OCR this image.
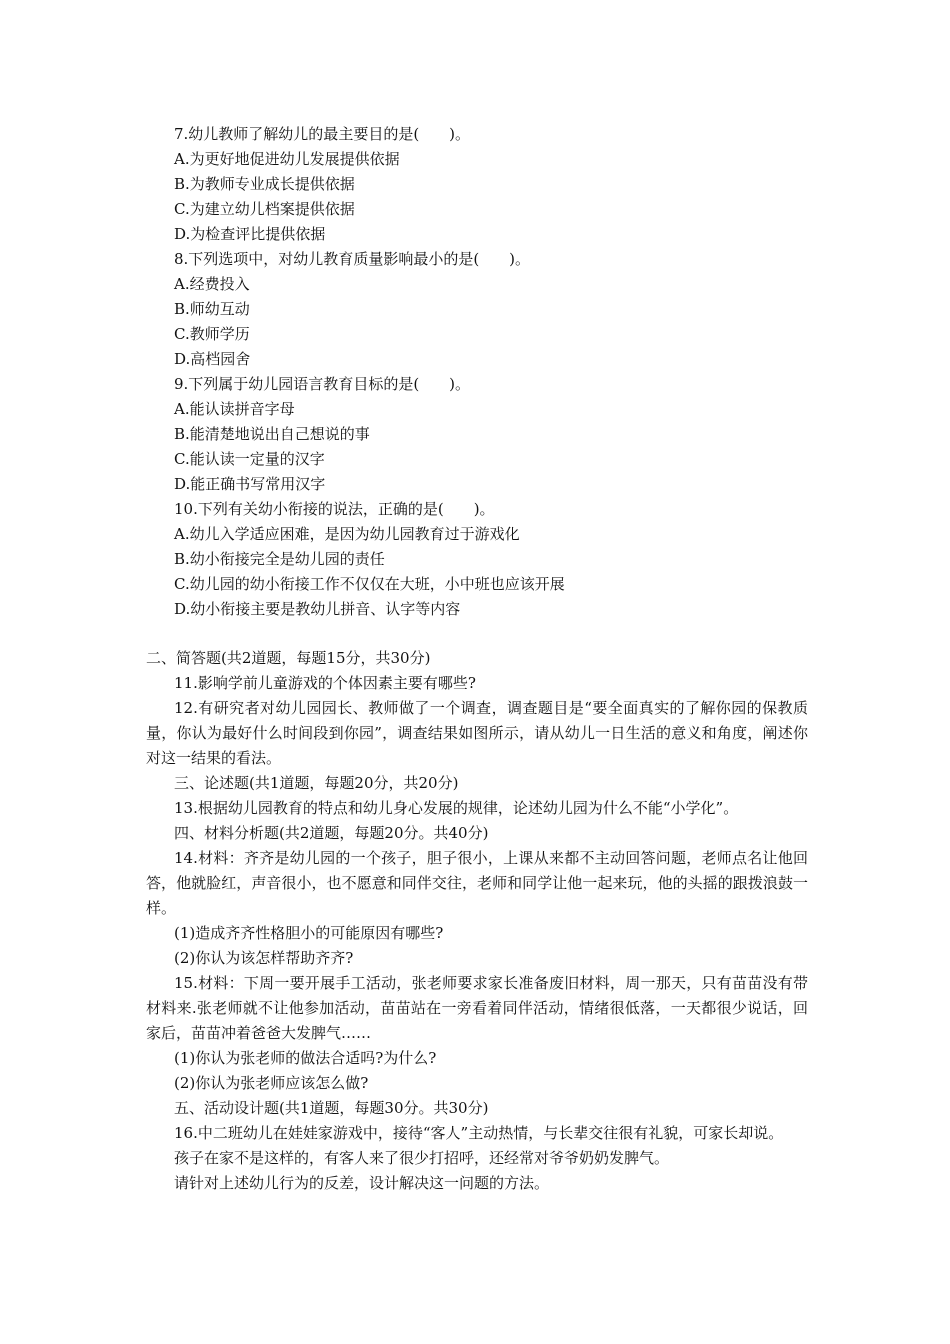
7.幼儿教师了解幼儿的最主要目的是(　　)。
A.为更好地促进幼儿发展提供依据
B.为教师专业成长提供依据
C.为建立幼儿档案提供依据
D.为检查评比提供依据
8.下列选项中，对幼儿教育质量影响最小的是(　　)。
A.经费投入
B.师幼互动
C.教师学历
D.高档园舍
9.下列属于幼儿园语言教育目标的是(　　)。
A.能认读拼音字母
B.能清楚地说出自己想说的事
C.能认读一定量的汉字
D.能正确书写常用汉字
10.下列有关幼小衔接的说法，正确的是(　　)。
A.幼儿入学适应困难，是因为幼儿园教育过于游戏化
B.幼小衔接完全是幼儿园的责任
C.幼儿园的幼小衔接工作不仅仅在大班，小中班也应该开展
D.幼小衔接主要是教幼儿拼音、认字等内容
二、简答题(共2道题，每题15分，共30分)
11.影响学前儿童游戏的个体因素主要有哪些?
12.有研究者对幼儿园园长、教师做了一个调查，调查题目是“要全面真实的了解你园的保教质量，你认为最好什么时间段到你园”，调查结果如图所示，请从幼儿一日生活的意义和角度，阐述你对这一结果的看法。
三、论述题(共1道题，每题20分，共20分)
13.根据幼儿园教育的特点和幼儿身心发展的规律，论述幼儿园为什么不能“小学化”。
四、材料分析题(共2道题，每题20分。共40分)
14.材料：齐齐是幼儿园的一个孩子，胆子很小，上课从来都不主动回答问题，老师点名让他回答，他就脸红，声音很小，也不愿意和同伴交往，老师和同学让他一起来玩，他的头摇的跟拨浪鼓一样。
(1)造成齐齐性格胆小的可能原因有哪些?
(2)你认为该怎样帮助齐齐?
15.材料：下周一要开展手工活动，张老师要求家长准备废旧材料，周一那天，只有苗苗没有带材料来.张老师就不让他参加活动，苗苗站在一旁看着同伴活动，情绪很低落，一天都很少说话，回家后，苗苗冲着爸爸大发脾气……
(1)你认为张老师的做法合适吗?为什么?
(2)你认为张老师应该怎么做?
五、活动设计题(共1道题，每题30分。共30分)
16.中二班幼儿在娃娃家游戏中，接待“客人”主动热情，与长辈交往很有礼貌，可家长却说。
孩子在家不是这样的，有客人来了很少打招呼，还经常对爷爷奶奶发脾气。
请针对上述幼儿行为的反差，设计解决这一问题的方法。
